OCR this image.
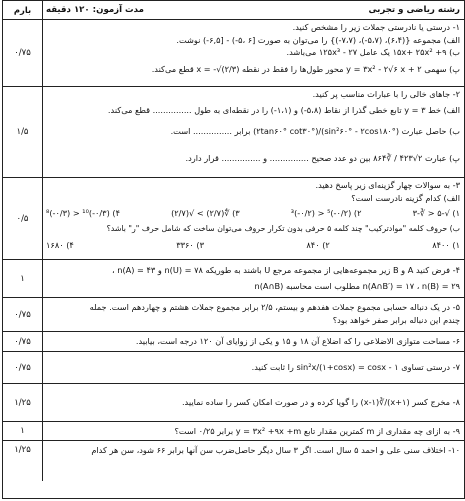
رشته ریاضی و تجربی
مدت آزمون: ۱۲۰ دقیقه
بارم
۱- درستی یا نادرستی جملات زیر را مشخص کنید.
الف) مجموعه {(۶،۴)، (۵،۷-)، (۷،۷-)} را می‌توان به صورت [۶ ،۵-) - [۶,۵-) نوشت.
ب) ۹+ ۱۵x+ ۲۵x² یک عامل ۲۷ - ۱۲۵x³ می‌باشد.
پ) سهمی y = ۳x² - ۲√۶ x + ۲ محور طول‌ها را فقط در نقطه x = -√(۲/۳) قطع می‌کند.
۰/۷۵
۲- جاهای خالی را با عبارات مناسب پر کنید.
الف) خط y = ۳ تابع خطی گذرا از نقاط (۵،۸-) و (۱،۱-) را در نقطه‌ای به طول ............... قطع می‌کند.
ب) حاصل عبارت (sin²۶۰° - ۲cos۱۸۰°)/(۲tan۶۰° cot۳۰°) برابر ............... است.
پ) عبارت ۲√۴۲۳ / ∛۸۶۴ بین دو عدد صحیح ............... و ............... قرار دارد.
۱/۵
۳- به سوالات چهار گزینه‌ای زیر پاسخ دهید.
الف) کدام گزینه نادرست است؟
۱) √-۵ < ∛-۳
۲) (۰/۲-)⁵ < (۰/۲-)³
۳) ∜(۲/۷) > √(۲/۷)
۴) (۰/۳-)¹⁰ < (۰/۳-)⁸
ب) حروف کلمه "موادترکیب" چند کلمه ۵ حرفی بدون تکرار حروف می‌توان ساخت که شامل حرف "ر" باشد؟
۱) ۸۴۰۰
۲) ۸۴۰
۳) ۳۳۶۰
۴) ۱۶۸۰
۰/۵
۴- فرض کنید A و B زیر مجموعه‌هایی از مجموعه مرجع U باشند به طوریکه n(U) = ۷۸ و n(A) = ۴۳ ،
n(A∩B′) = ۱۷ ، n(B) = ۲۹ مطلوب است محاسبه n(A∩B)
۱
۵- در یک دنباله حسابی مجموع جملات هفدهم و بیستم، ۲/۵ برابر مجموع جملات هشتم و چهاردهم است. جمله
چندم این دنباله برابر صفر خواهد بود؟
۰/۷۵
۶- مساحت متوازی الاضلاعی را که اضلاع آن ۱۸ و ۱۵ و یکی از زوایای آن ۱۲۰ درجه است، بیابید.
۰/۷۵
۷- درستی تساوی sin²x/(۱+cosx) = cosx - ۱ را ثابت کنید.
۰/۷۵
۸- مخرج کسر (x+۱)/∛(x-۱) را گویا کرده و در صورت امکان کسر را ساده نمایید.
۱/۲۵
۹- به ازای چه مقداری از m کمترین مقدار تابع y = ۳x² +۹x +m برابر ۰/۲۵ است؟
۱
۱۰- اختلاف سنی علی و احمد ۵ سال است. اگر ۳ سال دیگر حاصل‌ضرب سن آنها برابر ۶۶ شود، سن هر کدام
۱/۲۵
